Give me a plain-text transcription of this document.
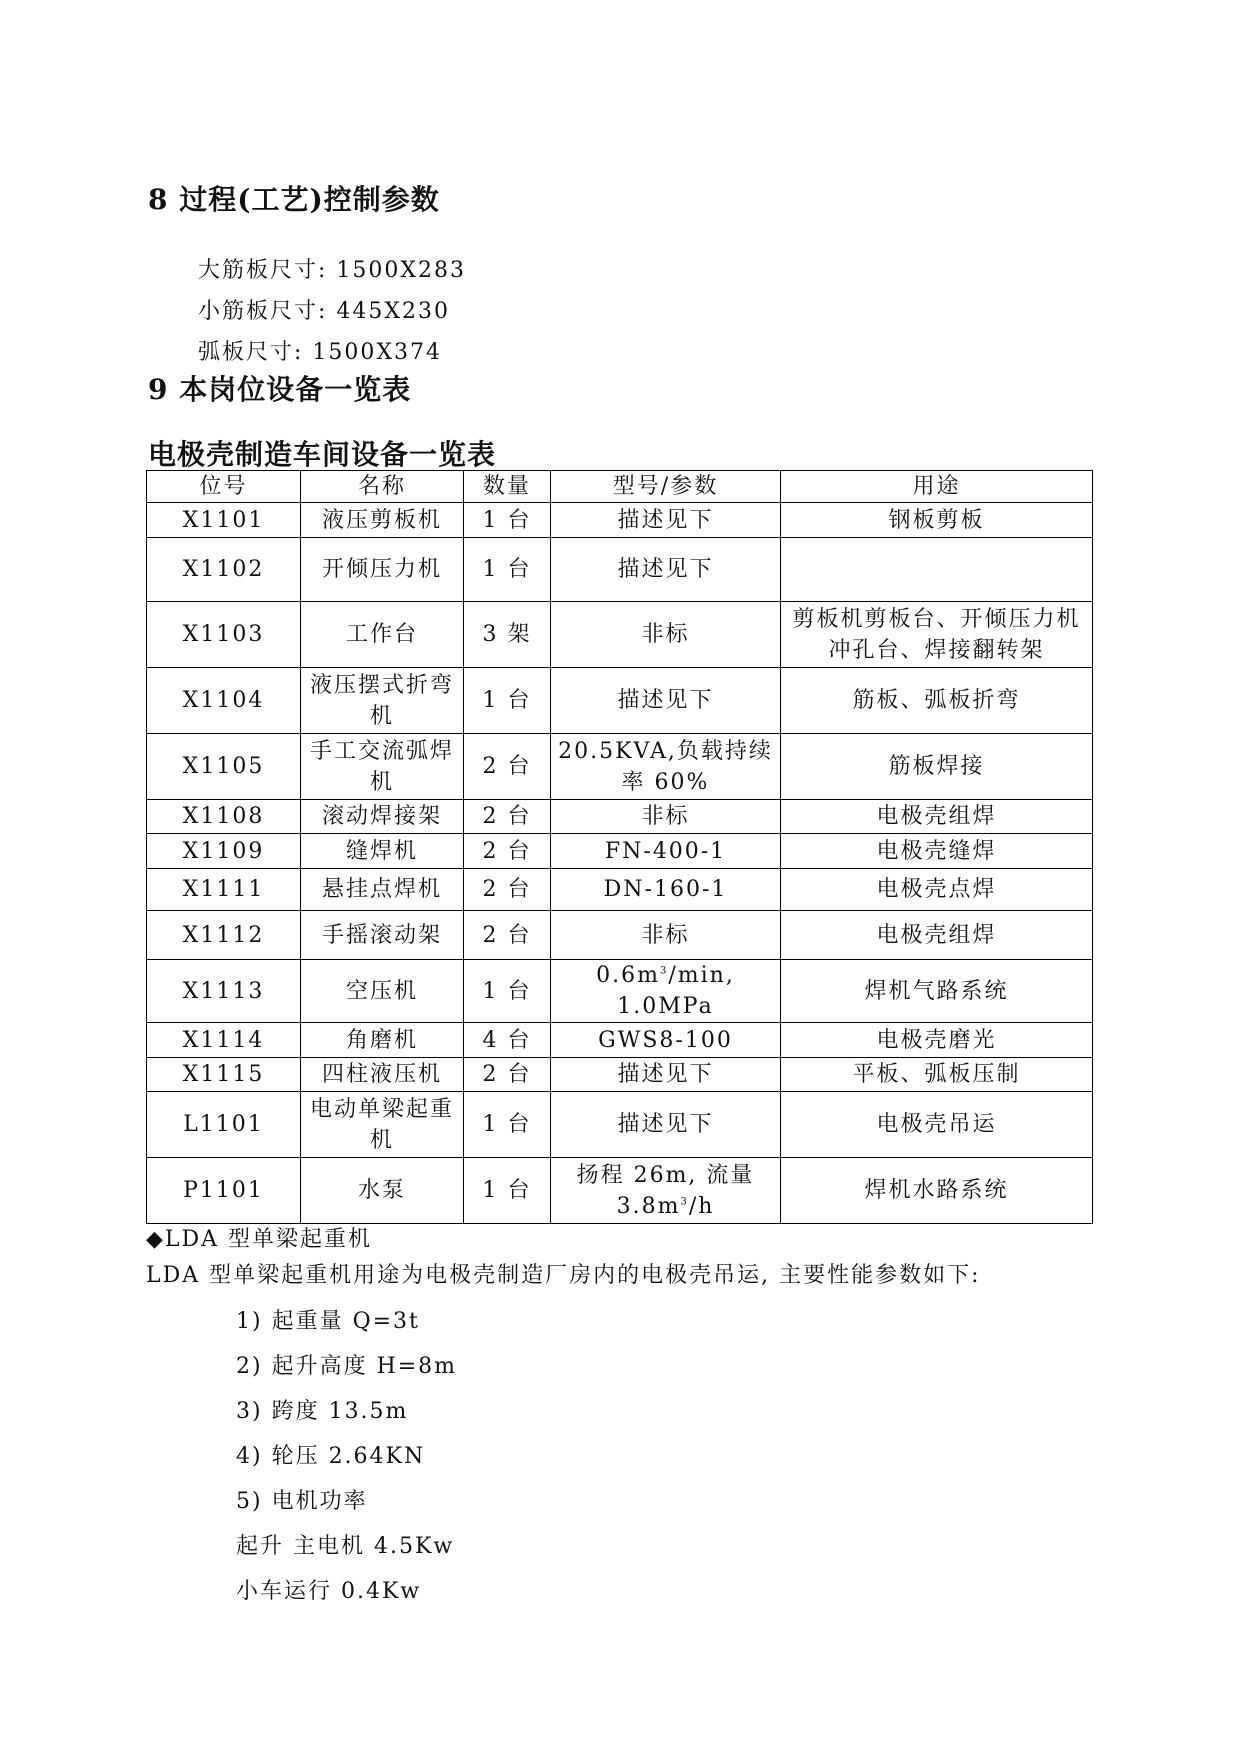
8 过程(工艺)控制参数
大筋板尺寸: 1500X283
小筋板尺寸: 445X230
弧板尺寸: 1500X374
9 本岗位设备一览表
电极壳制造车间设备一览表
位号	名称	数量	型号/参数	用途
X1101	液压剪板机	1 台	描述见下	钢板剪板
X1102	开倾压力机	1 台	描述见下	
X1103	工作台	3 架	非标	剪板机剪板台、开倾压力机冲孔台、焊接翻转架
X1104	液压摆式折弯机	1 台	描述见下	筋板、弧板折弯
X1105	手工交流弧焊机	2 台	20.5KVA,负载持续率 60%	筋板焊接
X1108	滚动焊接架	2 台	非标	电极壳组焊
X1109	缝焊机	2 台	FN-400-1	电极壳缝焊
X1111	悬挂点焊机	2 台	DN-160-1	电极壳点焊
X1112	手摇滚动架	2 台	非标	电极壳组焊
X1113	空压机	1 台	$0.6m^3/\min$, 1.0MPa	焊机气路系统
X1114	角磨机	4 台	GWS8-100	电极壳磨光
X1115	四柱液压机	2 台	描述见下	平板、弧板压制
L1101	电动单梁起重机	1 台	描述见下	电极壳吊运
P1101	水泵	1 台	扬程 26m, 流量 $3.8m^3/h$	焊机水路系统
◆LDA 型单梁起重机
LDA 型单梁起重机用途为电极壳制造厂房内的电极壳吊运, 主要性能参数如下:
1) 起重量 Q=3t
2) 起升高度 H=8m
3) 跨度 13.5m
4) 轮压 2.64KN
5) 电机功率
起升 主电机 4.5Kw
小车运行 0.4Kw
